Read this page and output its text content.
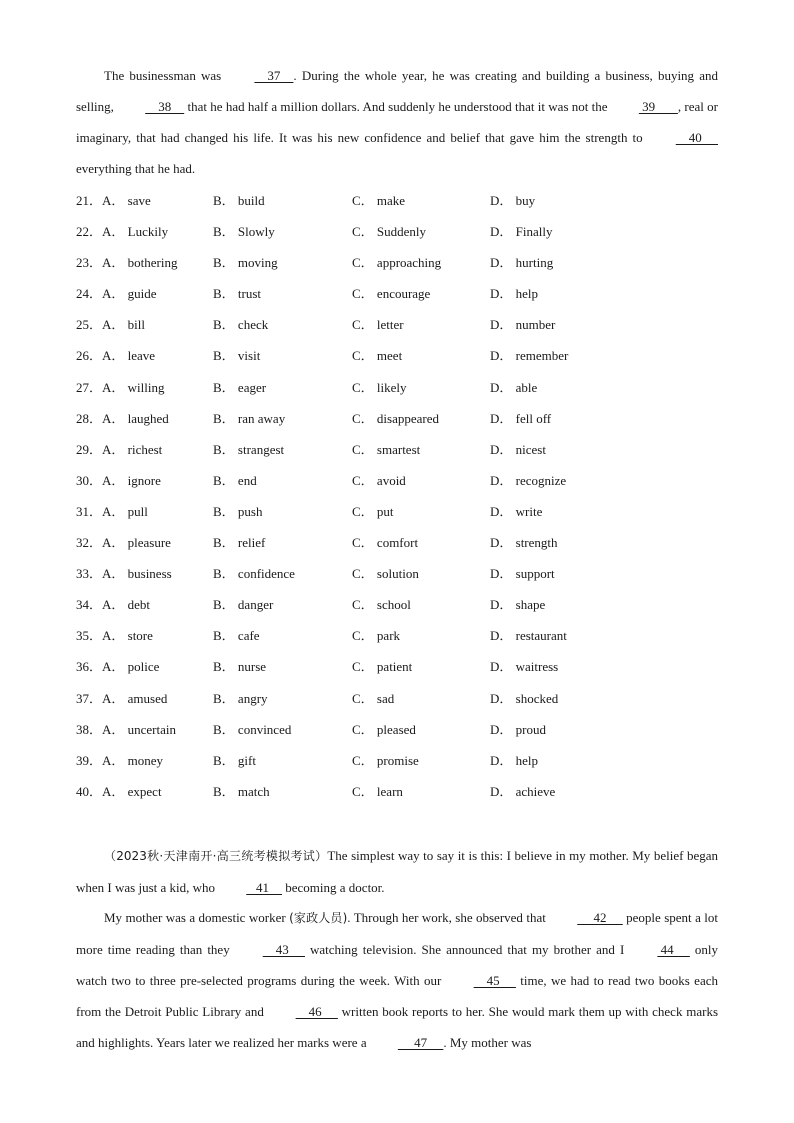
The businessman was     37    . During the whole year, he was creating and building a business, buying and selling,     38     that he had half a million dollars. And suddenly he understood that it was not the  39       , real or imaginary, that had changed his life. It was his new confidence and belief that gave him the strength to     40      everything that he had.
21． A． save	B． build	C． make	D． buy
22． A． Luckily	B． Slowly	C． Suddenly	D． Finally
23． A． bothering	B． moving	C． approaching	D． hurting
24． A． guide	B． trust	C． encourage	D． help
25． A． bill	B． check	C． letter	D． number
26． A． leave	B． visit	C． meet	D． remember
27． A． willing	B． eager	C． likely	D． able
28． A． laughed	B． ran away	C． disappeared	D． fell off
29． A． richest	B． strangest	C． smartest	D． nicest
30． A． ignore	B． end	C． avoid	D． recognize
31． A． pull	B． push	C． put	D． write
32． A． pleasure	B． relief	C． comfort	D． strength
33． A． business	B． confidence	C． solution	D． support
34． A． debt	B． danger	C． school	D． shape
35． A． store	B． cafe	C． park	D． restaurant
36． A． police	B． nurse	C． patient	D． waitress
37． A． amused	B． angry	C． sad	D． shocked
38． A． uncertain	B． convinced	C． pleased	D． proud
39． A． money	B． gift	C． promise	D． help
40． A． expect	B． match	C． learn	D． achieve
（2023秋·天津南开·高三统考模拟考试）The simplest way to say it is this: I believe in my mother. My belief began when I was just a kid, who    41     becoming a doctor.
My mother was a domestic worker (家政人员). Through her work, she observed that      42      people spent a lot more time reading than they     43      watching television. She announced that my brother and I  44      only watch two to three pre-selected programs during the week. With our     45      time, we had to read two books each from the Detroit Public Library and     46      written book reports to her. She would mark them up with check marks and highlights. Years later we realized her marks were a      47     . My mother was
